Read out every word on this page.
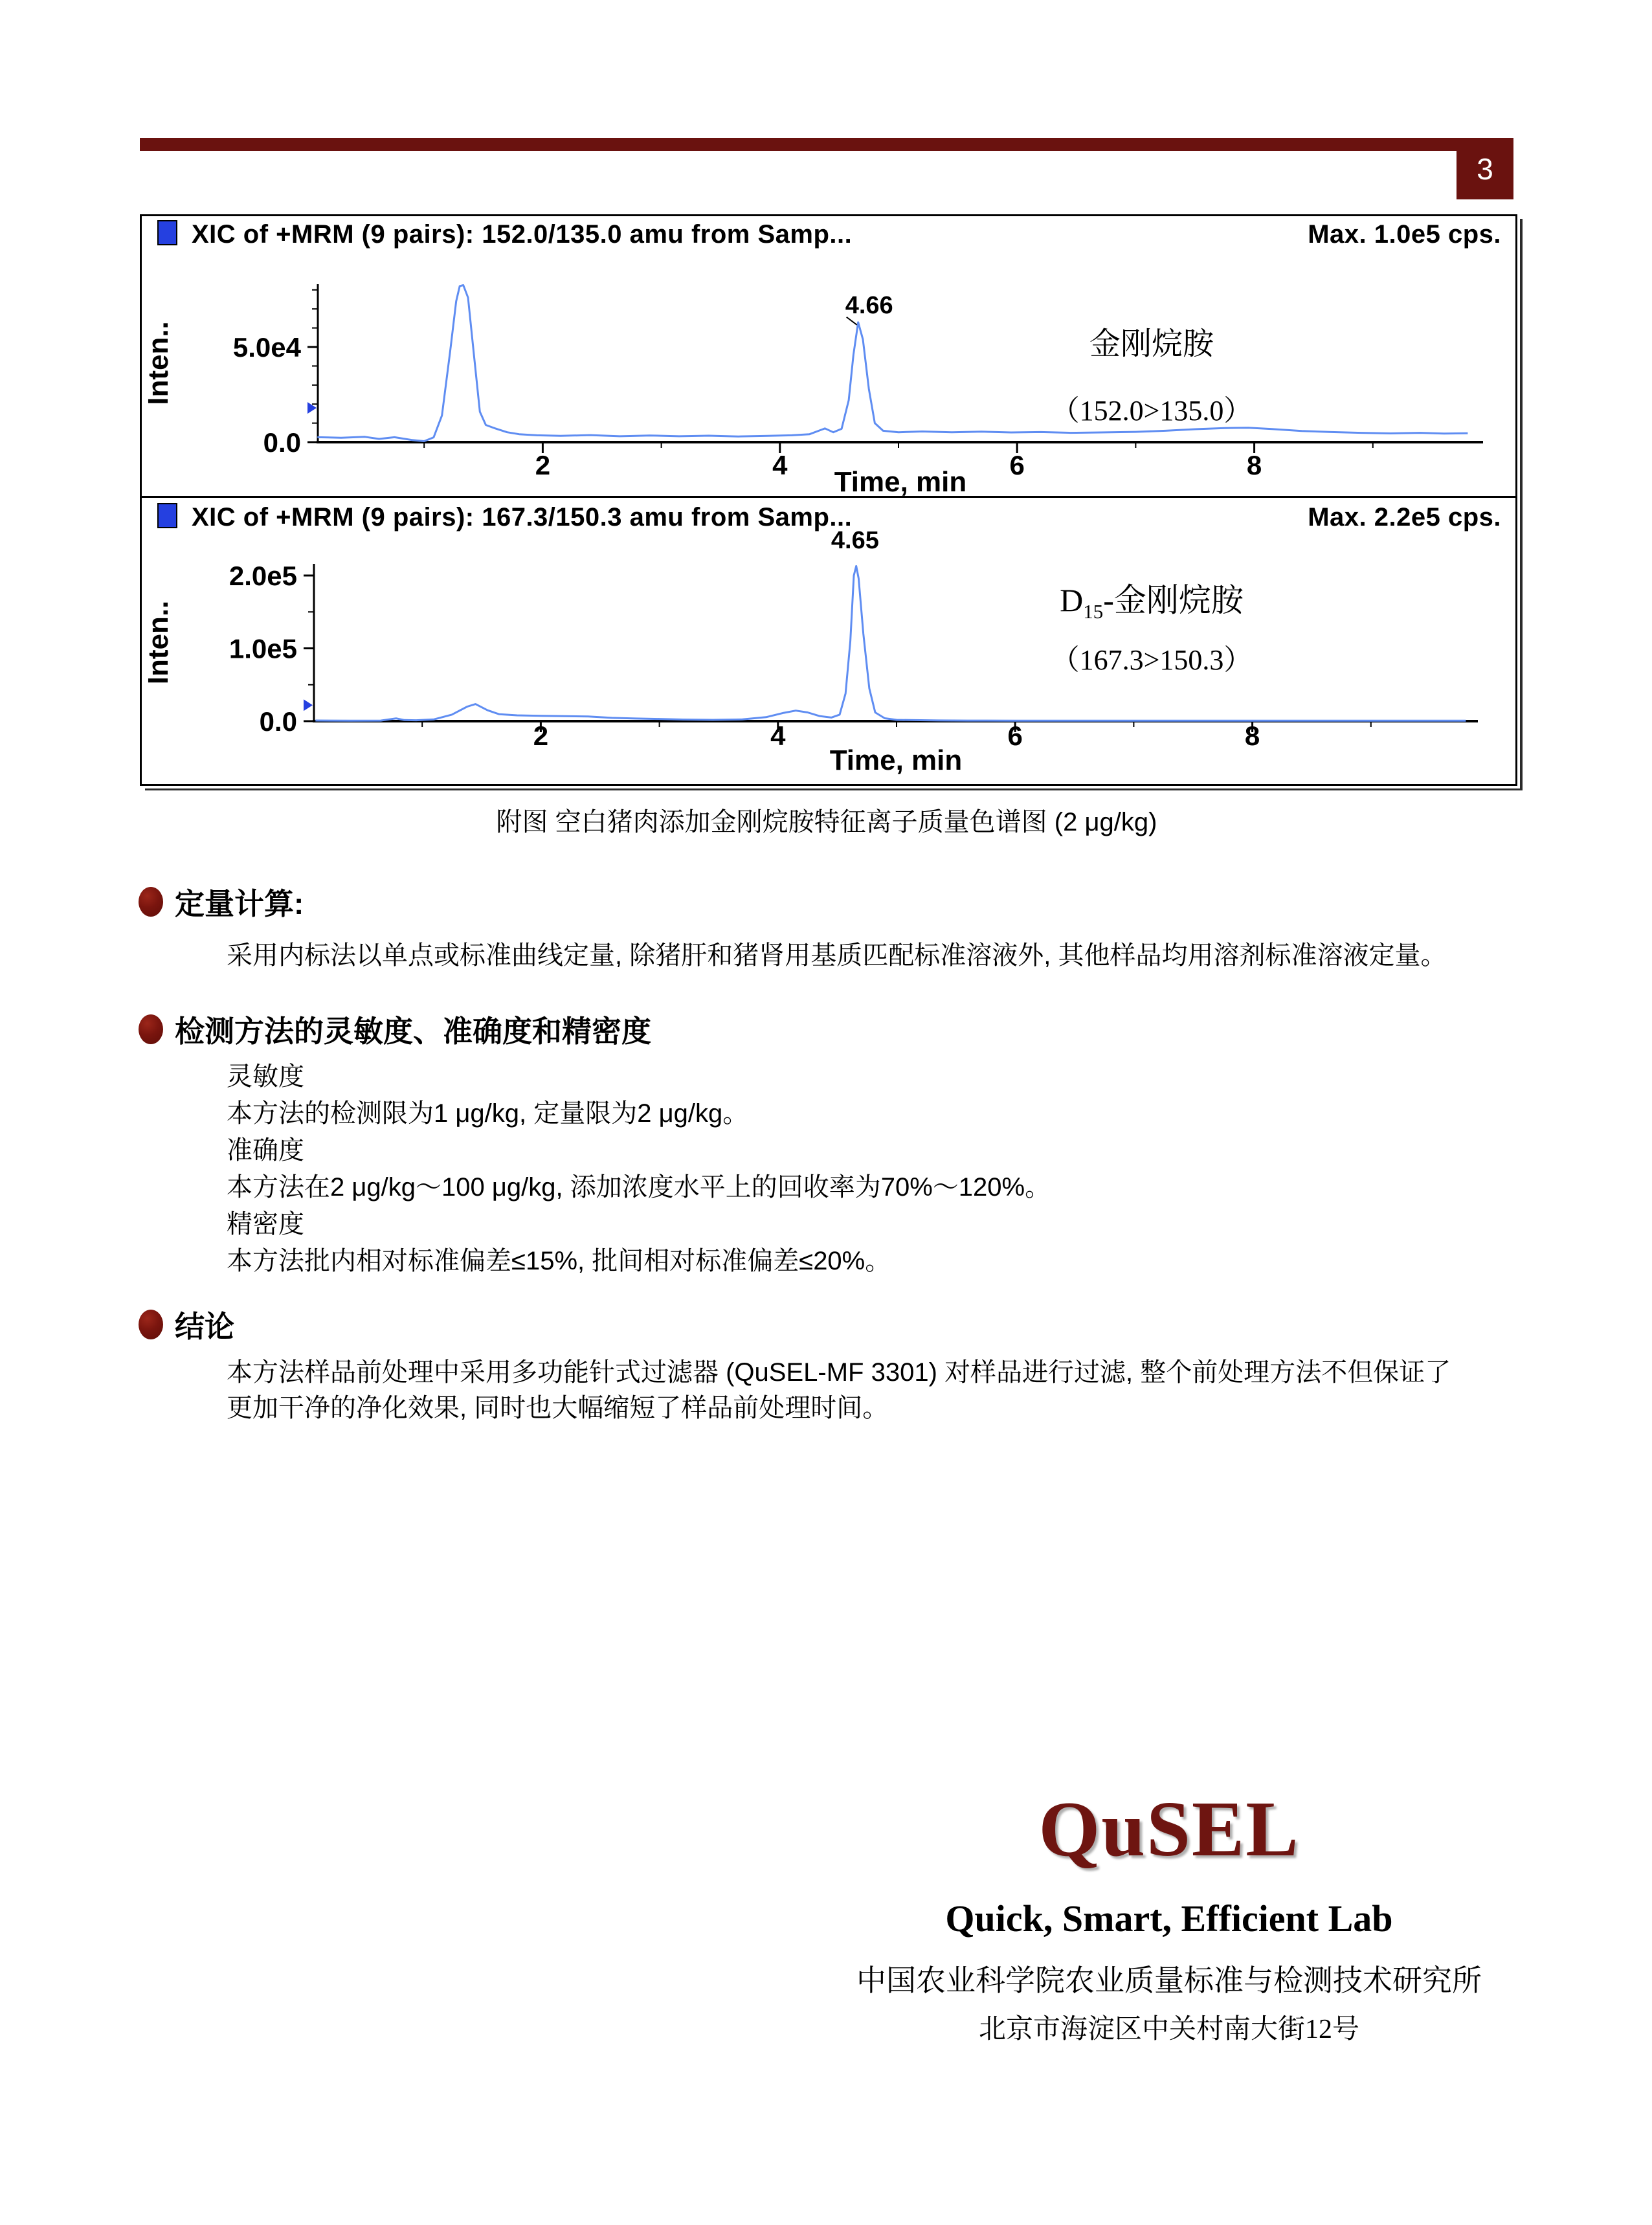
3
XIC of +MRM (9 pairs): 152.0/135.0 amu from Samp...	Max. 1.0e5 cps.
5.0e4
0.0
2	4	6	8
Time, min
Inten..
4.66
金刚烷胺
（152.0>135.0）
XIC of +MRM (9 pairs): 167.3/150.3 amu from Samp...	Max. 2.2e5 cps.
2.0e5
1.0e5
0.0	2	4	6	8
Time, min
Inten..
4.65
$D_{15}-$金刚烷胺
（167.3>150.3）
附图 空白猪肉添加金刚烷胺特征离子质量色谱图 (2 μg/kg)
定量计算:
采用内标法以单点或标准曲线定量, 除猪肝和猪肾用基质匹配标准溶液外, 其他样品均用溶剂标准溶液定量。
检测方法的灵敏度、准确度和精密度
灵敏度
本方法的检测限为1 μg/kg, 定量限为2 μg/kg。
准确度
本方法在2 μg/kg～100 μg/kg, 添加浓度水平上的回收率为70%～120%。
精密度
本方法批内相对标准偏差≤15%, 批间相对标准偏差≤20%。
结论
本方法样品前处理中采用多功能针式过滤器 (QuSEL-MF 3301) 对样品进行过滤, 整个前处理方法不但保证了
更加干净的净化效果, 同时也大幅缩短了样品前处理时间。
QuSEL
Quick, Smart, Efficient Lab
中国农业科学院农业质量标准与检测技术研究所
北京市海淀区中关村南大街12号
